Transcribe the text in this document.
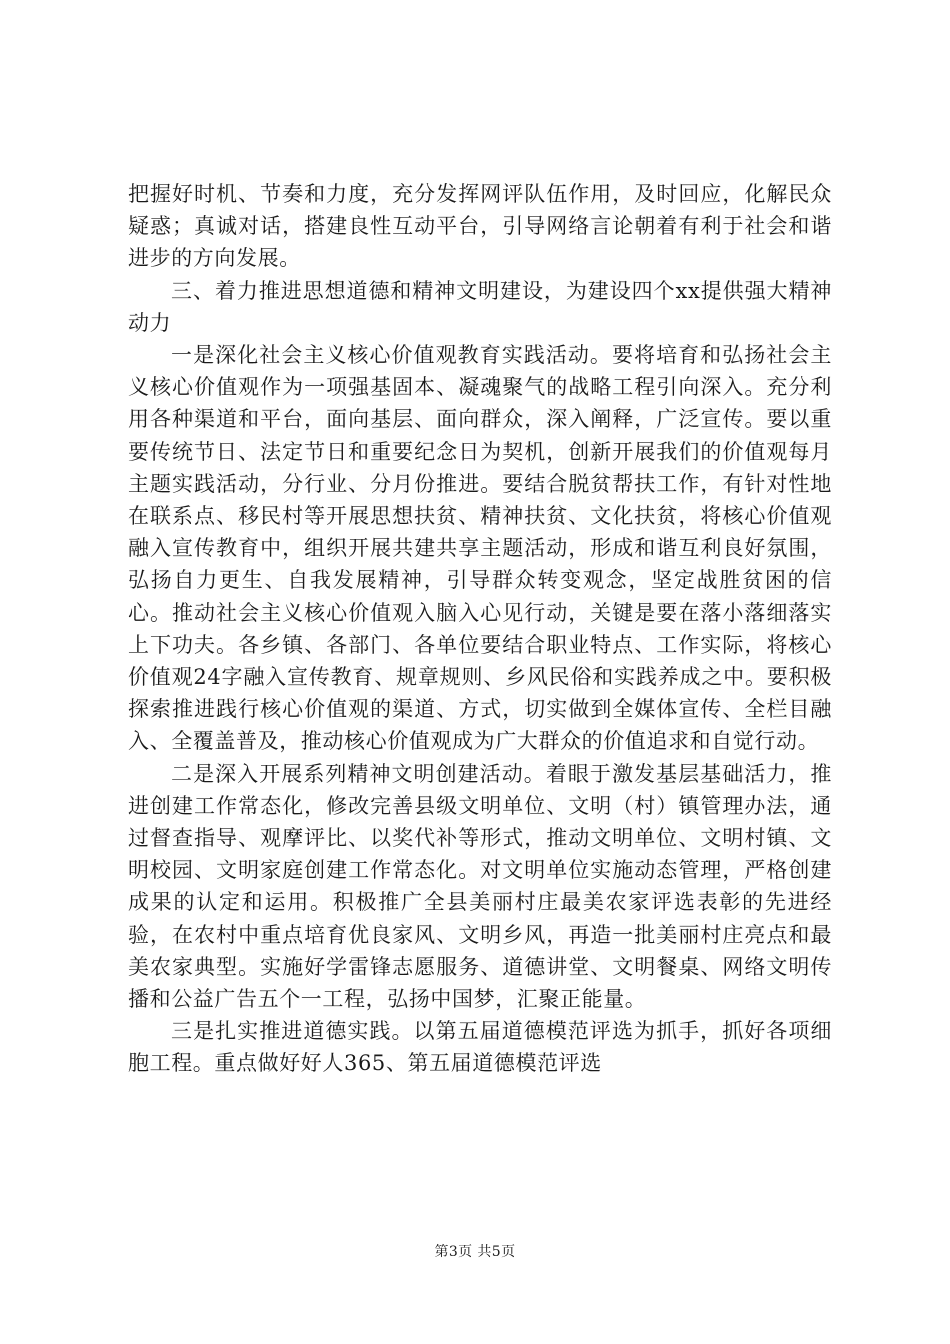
把握好时机、节奏和力度，充分发挥网评队伍作用，及时回应，化解民众疑惑；真诚对话，搭建良性互动平台，引导网络言论朝着有利于社会和谐进步的方向发展。

三、着力推进思想道德和精神文明建设，为建设四个xx提供强大精神动力

一是深化社会主义核心价值观教育实践活动。要将培育和弘扬社会主义核心价值观作为一项强基固本、凝魂聚气的战略工程引向深入。充分利用各种渠道和平台，面向基层、面向群众，深入阐释，广泛宣传。要以重要传统节日、法定节日和重要纪念日为契机，创新开展我们的价值观每月主题实践活动，分行业、分月份推进。要结合脱贫帮扶工作，有针对性地在联系点、移民村等开展思想扶贫、精神扶贫、文化扶贫，将核心价值观融入宣传教育中，组织开展共建共享主题活动，形成和谐互利良好氛围，弘扬自力更生、自我发展精神，引导群众转变观念，坚定战胜贫困的信心。推动社会主义核心价值观入脑入心见行动，关键是要在落小落细落实上下功夫。各乡镇、各部门、各单位要结合职业特点、工作实际，将核心价值观24字融入宣传教育、规章规则、乡风民俗和实践养成之中。要积极探索推进践行核心价值观的渠道、方式，切实做到全媒体宣传、全栏目融入、全覆盖普及，推动核心价值观成为广大群众的价值追求和自觉行动。

二是深入开展系列精神文明创建活动。着眼于激发基层基础活力，推进创建工作常态化，修改完善县级文明单位、文明（村）镇管理办法，通过督查指导、观摩评比、以奖代补等形式，推动文明单位、文明村镇、文明校园、文明家庭创建工作常态化。对文明单位实施动态管理，严格创建成果的认定和运用。积极推广全县美丽村庄最美农家评选表彰的先进经验，在农村中重点培育优良家风、文明乡风，再造一批美丽村庄亮点和最美农家典型。实施好学雷锋志愿服务、道德讲堂、文明餐桌、网络文明传播和公益广告五个一工程，弘扬中国梦，汇聚正能量。

三是扎实推进道德实践。以第五届道德模范评选为抓手，抓好各项细胞工程。重点做好好人365、第五届道德模范评选

第3页 共5页
